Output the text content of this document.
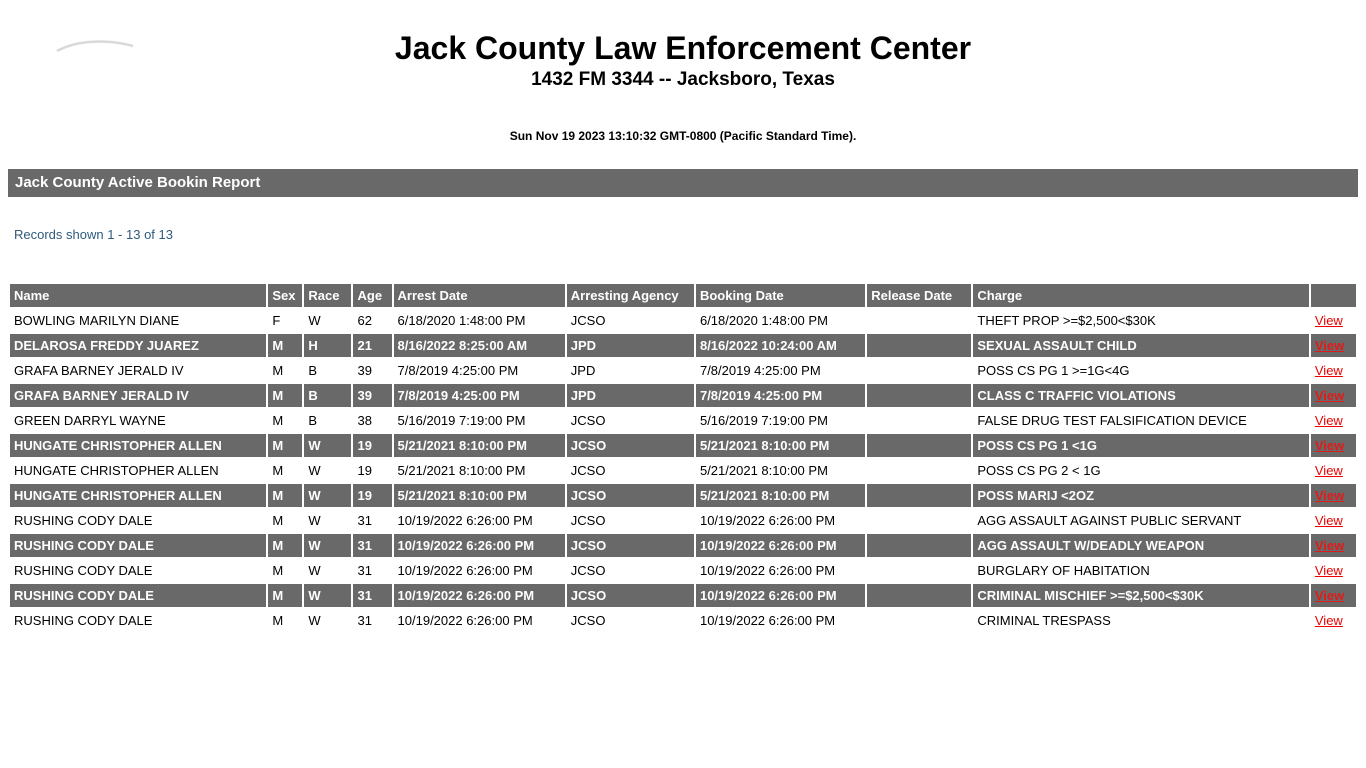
Jack County Law Enforcement Center
1432 FM 3344 -- Jacksboro, Texas
Sun Nov 19 2023 13:10:32 GMT-0800 (Pacific Standard Time).
Jack County Active Bookin Report
Records shown 1 - 13 of 13
Name	Sex	Race	Age	Arrest Date	Arresting Agency	Booking Date	Release Date	Charge	
BOWLING MARILYN DIANE	F	W	62	6/18/2020 1:48:00 PM	JCSO	6/18/2020 1:48:00 PM		THEFT PROP >=$2,500<$30K	View
DELAROSA FREDDY JUAREZ	M	H	21	8/16/2022 8:25:00 AM	JPD	8/16/2022 10:24:00 AM		SEXUAL ASSAULT CHILD	View
GRAFA BARNEY JERALD IV	M	B	39	7/8/2019 4:25:00 PM	JPD	7/8/2019 4:25:00 PM		POSS CS PG 1 >=1G<4G	View
GRAFA BARNEY JERALD IV	M	B	39	7/8/2019 4:25:00 PM	JPD	7/8/2019 4:25:00 PM		CLASS C TRAFFIC VIOLATIONS	View
GREEN DARRYL WAYNE	M	B	38	5/16/2019 7:19:00 PM	JCSO	5/16/2019 7:19:00 PM		FALSE DRUG TEST FALSIFICATION DEVICE	View
HUNGATE CHRISTOPHER ALLEN	M	W	19	5/21/2021 8:10:00 PM	JCSO	5/21/2021 8:10:00 PM		POSS CS PG 1 <1G	View
HUNGATE CHRISTOPHER ALLEN	M	W	19	5/21/2021 8:10:00 PM	JCSO	5/21/2021 8:10:00 PM		POSS CS PG 2 < 1G	View
HUNGATE CHRISTOPHER ALLEN	M	W	19	5/21/2021 8:10:00 PM	JCSO	5/21/2021 8:10:00 PM		POSS MARIJ <2OZ	View
RUSHING CODY DALE	M	W	31	10/19/2022 6:26:00 PM	JCSO	10/19/2022 6:26:00 PM		AGG ASSAULT AGAINST PUBLIC SERVANT	View
RUSHING CODY DALE	M	W	31	10/19/2022 6:26:00 PM	JCSO	10/19/2022 6:26:00 PM		AGG ASSAULT W/DEADLY WEAPON	View
RUSHING CODY DALE	M	W	31	10/19/2022 6:26:00 PM	JCSO	10/19/2022 6:26:00 PM		BURGLARY OF HABITATION	View
RUSHING CODY DALE	M	W	31	10/19/2022 6:26:00 PM	JCSO	10/19/2022 6:26:00 PM		CRIMINAL MISCHIEF >=$2,500<$30K	View
RUSHING CODY DALE	M	W	31	10/19/2022 6:26:00 PM	JCSO	10/19/2022 6:26:00 PM		CRIMINAL TRESPASS	View
